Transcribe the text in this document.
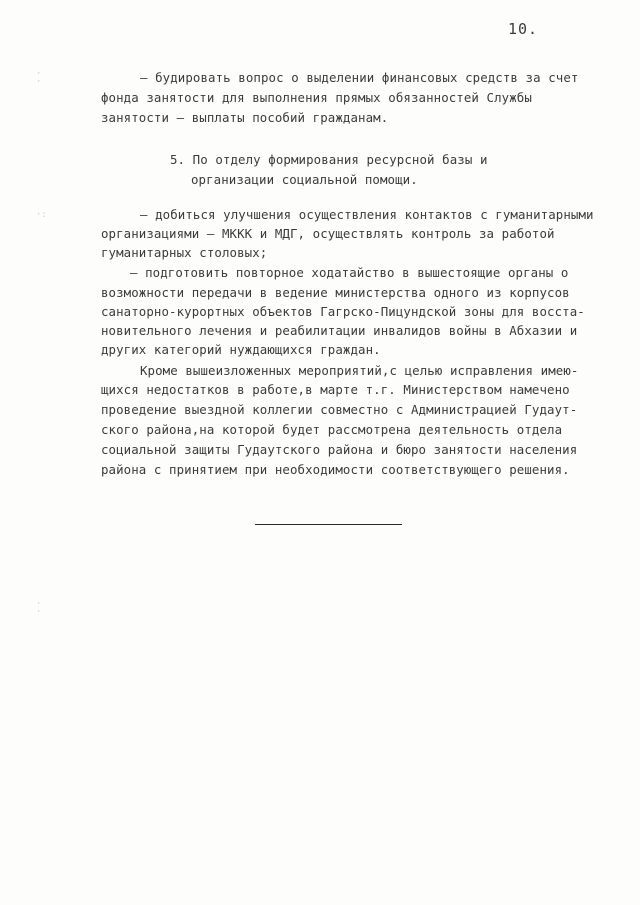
10.
· ·
·:
· ·

– будировать вопрос о выделении финансовых средств за счет

фонда занятости для выполнения прямых обязанностей Службы

занятости – выплаты пособий гражданам.

5. По отделу формирования ресурсной базы и

организации социальной помощи.

– добиться улучшения осуществления контактов с гуманитарными

организациями – МККК и МДГ, осуществлять контроль за работой

гуманитарных столовых;

– подготовить повторное ходатайство в вышестоящие органы о

возможности передачи в ведение министерства одного из корпусов

санаторно-курортных объектов Гагрско-Пицундской зоны для восста-

новительного лечения и реабилитации инвалидов войны в Абхазии и

других категорий нуждающихся граждан.

Кроме вышеизложенных мероприятий,с целью исправления имею-

щихся недостатков в работе,в марте т.г. Министерством намечено

проведение выездной коллегии совместно с Администрацией Гудаут-

ского района,на которой будет рассмотрена деятельность отдела

социальной защиты Гудаутского района и бюро занятости населения

района с принятием при необходимости соответствующего решения.
